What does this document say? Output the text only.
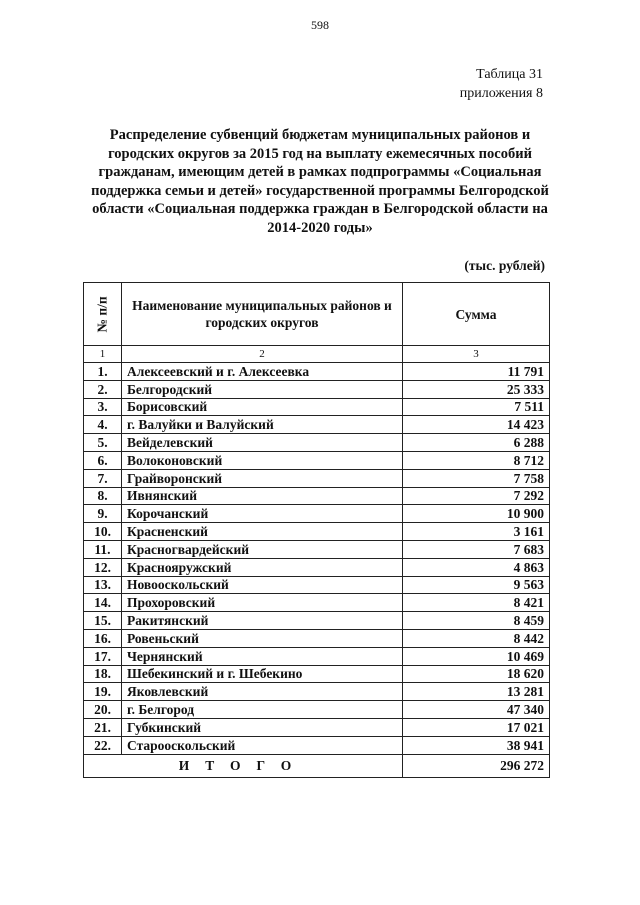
598
Таблица 31
приложения 8
Распределение субвенций бюджетам муниципальных районов и городских округов за 2015 год на выплату ежемесячных пособий гражданам, имеющим детей в рамках подпрограммы «Социальная поддержка семьи и детей» государственной программы Белгородской области «Социальная поддержка граждан в Белгородской области на 2014-2020 годы»
(тыс. рублей)
№ п/п	Наименование муниципальных районов и городских округов	Сумма
1	2	3
1.	Алексеевский и г. Алексеевка	11 791
2.	Белгородский	25 333
3.	Борисовский	7 511
4.	г. Валуйки и Валуйский	14 423
5.	Вейделевский	6 288
6.	Волоконовский	8 712
7.	Грайворонский	7 758
8.	Ивнянский	7 292
9.	Корочанский	10 900
10.	Красненский	3 161
11.	Красногвардейский	7 683
12.	Краснояружский	4 863
13.	Новооскольский	9 563
14.	Прохоровский	8 421
15.	Ракитянский	8 459
16.	Ровеньский	8 442
17.	Чернянский	10 469
18.	Шебекинский и г. Шебекино	18 620
19.	Яковлевский	13 281
20.	г. Белгород	47 340
21.	Губкинский	17 021
22.	Старооскольский	38 941
ИТОГО		296 272
